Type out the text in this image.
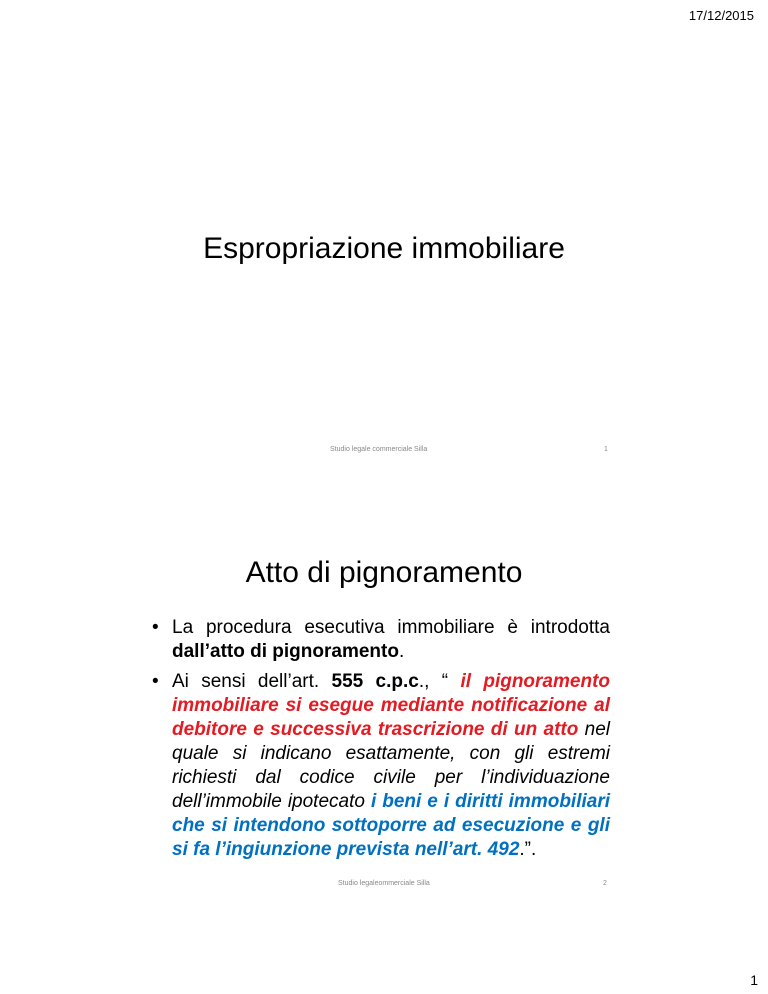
17/12/2015
Espropriazione immobiliare
Studio legale commerciale Silla	1
Atto di pignoramento
• La procedura esecutiva immobiliare è introdotta dall’atto di pignoramento.
• Ai sensi dell’art. 555 c.p.c., “ il pignoramento immobiliare si esegue mediante notificazione al debitore e successiva trascrizione di un atto nel quale si indicano esattamente, con gli estremi richiesti dal codice civile per l’individuazione dell’immobile ipotecato i beni e i diritti immobiliari che si intendono sottoporre ad esecuzione e gli si fa l’ingiunzione prevista nell’art. 492.”.
Studio legaleommerciale Silla	2
1
